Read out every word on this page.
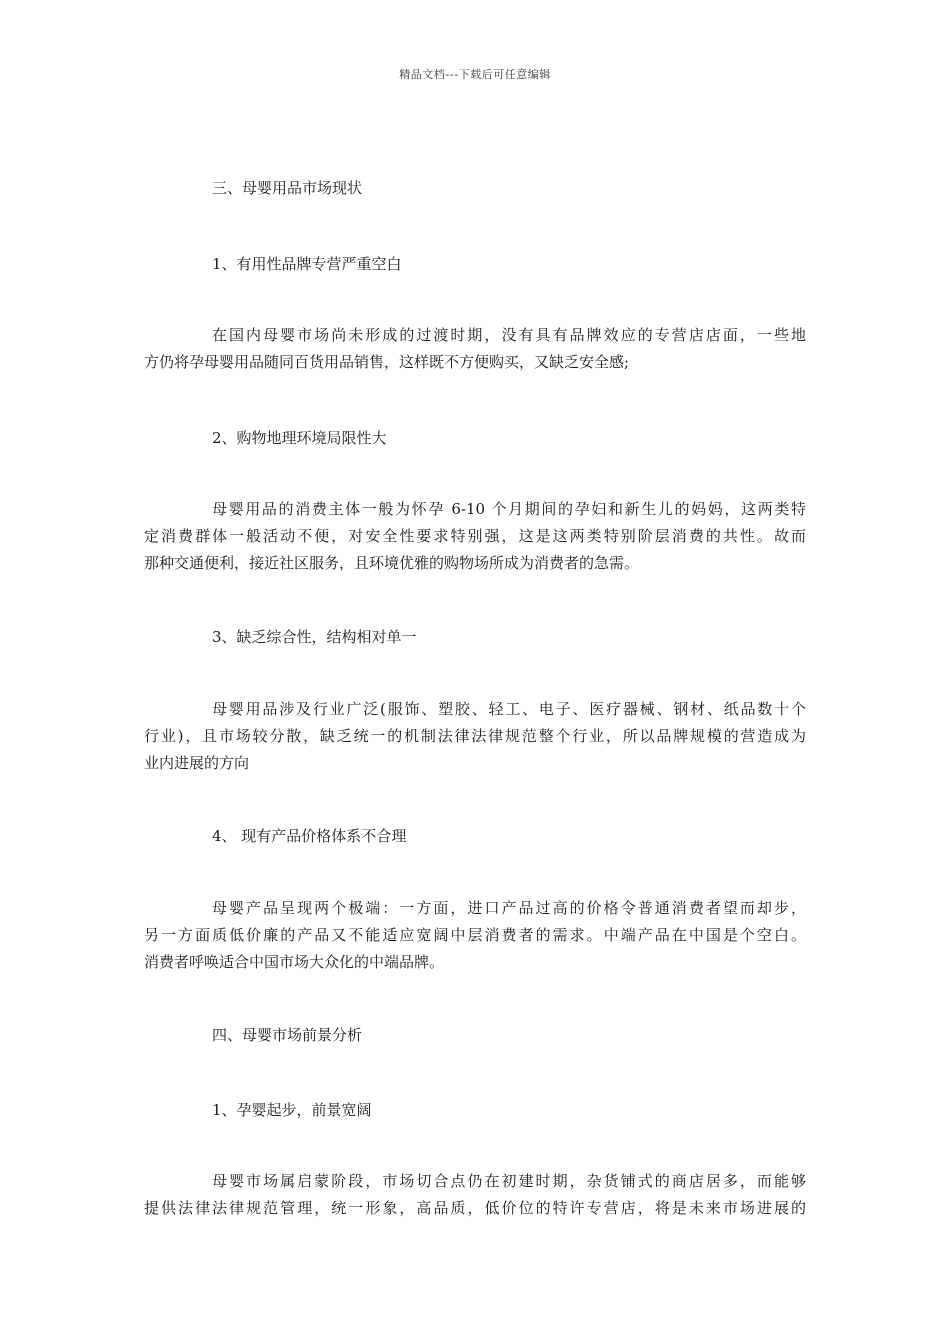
精品文档---下载后可任意编辑
三、母婴用品市场现状
1、有用性品牌专营严重空白
在国内母婴市场尚未形成的过渡时期，没有具有品牌效应的专营店店面，一些地
方仍将孕母婴用品随同百货用品销售，这样既不方便购买，又缺乏安全感;
2、购物地理环境局限性大
母婴用品的消费主体一般为怀孕 6-10 个月期间的孕妇和新生儿的妈妈，这两类特
定消费群体一般活动不便，对安全性要求特别强，这是这两类特别阶层消费的共性。故而
那种交通便利，接近社区服务，且环境优雅的购物场所成为消费者的急需。
3、缺乏综合性，结构相对单一
母婴用品涉及行业广泛(服饰、塑胶、轻工、电子、医疗器械、钢材、纸品数十个
行业)，且市场较分散，缺乏统一的机制法律法律规范整个行业，所以品牌规模的营造成为
业内进展的方向
4、 现有产品价格体系不合理
母婴产品呈现两个极端：一方面，进口产品过高的价格令普通消费者望而却步，
另一方面质低价廉的产品又不能适应宽阔中层消费者的需求。中端产品在中国是个空白。
消费者呼唤适合中国市场大众化的中端品牌。
四、母婴市场前景分析
1、孕婴起步，前景宽阔
母婴市场属启蒙阶段，市场切合点仍在初建时期，杂货铺式的商店居多，而能够
提供法律法律规范管理，统一形象，高品质，低价位的特许专营店，将是未来市场进展的
